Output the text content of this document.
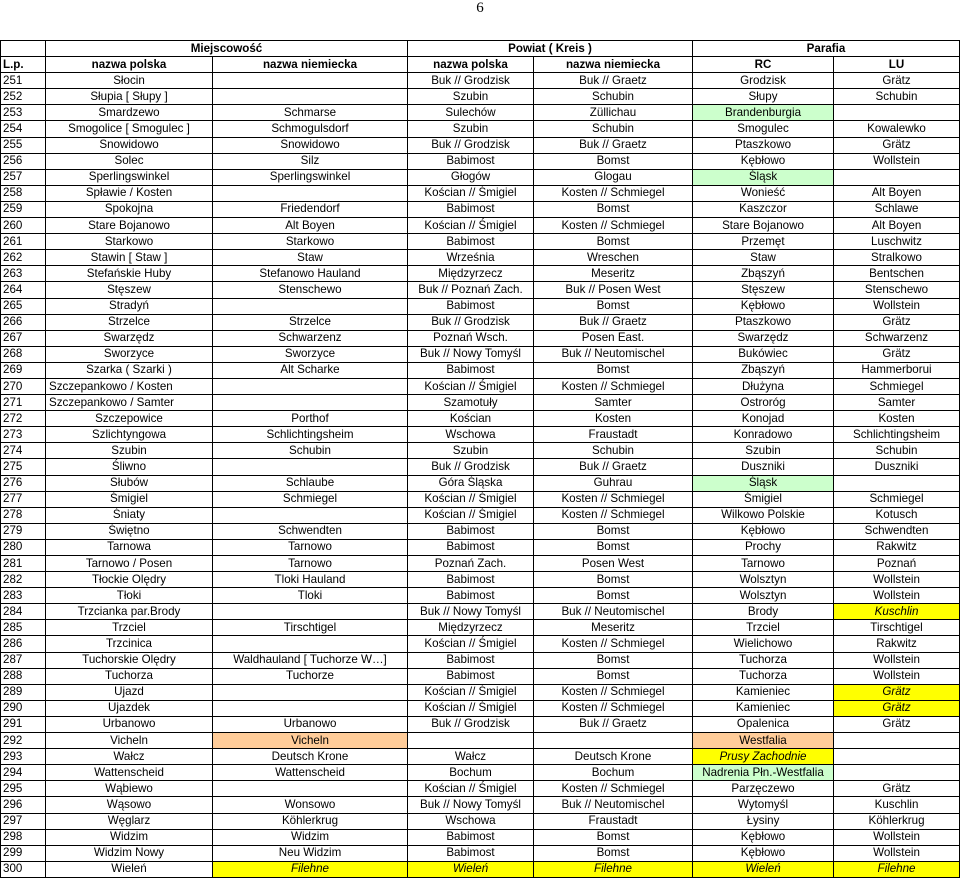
6
	Miejscowość		Powiat ( Kreis )		Parafia	
L.p.	nazwa polska	nazwa niemiecka	nazwa polska	nazwa niemiecka	RC	LU
251	Słocin		Buk // Grodzisk	Buk // Graetz	Grodzisk	Grätz
252	Słupia [ Słupy ]		Szubin	Schubin	Słupy	Schubin
253	Smardzewo	Schmarse	Sulechów	Züllichau	Brandenburgia	
254	Smogolice [ Smogulec ]	Schmogulsdorf	Szubin	Schubin	Smogulec	Kowalewko
255	Snowidowo	Snowidowo	Buk // Grodzisk	Buk // Graetz	Ptaszkowo	Grätz
256	Solec	Silz	Babimost	Bomst	Kębłowo	Wollstein
257	Sperlingswinkel	Sperlingswinkel	Głogów	Glogau	Śląsk	
258	Spławie / Kosten		Kościan // Śmigiel	Kosten // Schmiegel	Wonieść	Alt Boyen
259	Spokojna	Friedendorf	Babimost	Bomst	Kaszczor	Schlawe
260	Stare Bojanowo	Alt Boyen	Kościan // Śmigiel	Kosten // Schmiegel	Stare Bojanowo	Alt Boyen
261	Starkowo	Starkowo	Babimost	Bomst	Przemęt	Luschwitz
262	Stawin [ Staw ]	Staw	Września	Wreschen	Staw	Stralkowo
263	Stefańskie Huby	Stefanowo Hauland	Międzyrzecz	Meseritz	Zbąszyń	Bentschen
264	Stęszew	Stenschewo	Buk // Poznań Zach.	Buk // Posen West	Stęszew	Stenschewo
265	Stradyń		Babimost	Bomst	Kębłowo	Wollstein
266	Strzelce	Strzelce	Buk // Grodzisk	Buk // Graetz	Ptaszkowo	Grätz
267	Swarzędz	Schwarzenz	Poznań Wsch.	Posen East.	Swarzędz	Schwarzenz
268	Sworzyce	Sworzyce	Buk // Nowy Tomyśl	Buk // Neutomischel	Bukówiec	Grätz
269	Szarka ( Szarki )	Alt Scharke	Babimost	Bomst	Zbąszyń	Hammerborui
270	Szczepankowo / Kosten		Kościan // Śmigiel	Kosten // Schmiegel	Dłużyna	Schmiegel
271	Szczepankowo / Samter		Szamotuły	Samter	Ostroróg	Samter
272	Szczepowice	Porthof	Kościan	Kosten	Konojad	Kosten
273	Szlichtyngowa	Schlichtingsheim	Wschowa	Fraustadt	Konradowo	Schlichtingsheim
274	Szubin	Schubin	Szubin	Schubin	Szubin	Schubin
275	Śliwno		Buk // Grodzisk	Buk // Graetz	Duszniki	Duszniki
276	Słubów	Schlaube	Góra Śląska	Guhrau	Śląsk	
277	Śmigiel	Schmiegel	Kościan // Śmigiel	Kosten // Schmiegel	Śmigiel	Schmiegel
278	Śniaty		Kościan // Śmigiel	Kosten // Schmiegel	Wilkowo Polskie	Kotusch
279	Świętno	Schwendten	Babimost	Bomst	Kębłowo	Schwendten
280	Tarnowa	Tarnowo	Babimost	Bomst	Prochy	Rakwitz
281	Tarnowo / Posen	Tarnowo	Poznań Zach.	Posen West	Tarnowo	Poznań
282	Tłockie Olędry	Tloki Hauland	Babimost	Bomst	Wolsztyn	Wollstein
283	Tłoki	Tloki	Babimost	Bomst	Wolsztyn	Wollstein
284	Trzcianka par.Brody		Buk // Nowy Tomyśl	Buk // Neutomischel	Brody	Kuschlin
285	Trzciel	Tirschtigel	Międzyrzecz	Meseritz	Trzciel	Tirschtigel
286	Trzcinica		Kościan // Śmigiel	Kosten // Schmiegel	Wielichowo	Rakwitz
287	Tuchorskie Olędry	Waldhauland [ Tuchorze W…]	Babimost	Bomst	Tuchorza	Wollstein
288	Tuchorza	Tuchorze	Babimost	Bomst	Tuchorza	Wollstein
289	Ujazd		Kościan // Śmigiel	Kosten // Schmiegel	Kamieniec	Grätz
290	Ujazdek		Kościan // Śmigiel	Kosten // Schmiegel	Kamieniec	Grätz
291	Urbanowo	Urbanowo	Buk // Grodzisk	Buk // Graetz	Opalenica	Grätz
292	Vicheln	Vicheln			Westfalia	
293	Wałcz	Deutsch Krone	Wałcz	Deutsch Krone	Prusy Zachodnie	
294	Wattenscheid	Wattenscheid	Bochum	Bochum	Nadrenia Płn.-Westfalia	
295	Wąbiewo		Kościan // Śmigiel	Kosten // Schmiegel	Parzęczewo	Grätz
296	Wąsowo	Wonsowo	Buk // Nowy Tomyśl	Buk // Neutomischel	Wytomyśl	Kuschlin
297	Węglarz	Köhlerkrug	Wschowa	Fraustadt	Łysiny	Köhlerkrug
298	Widzim	Widzim	Babimost	Bomst	Kębłowo	Wollstein
299	Widzim Nowy	Neu Widzim	Babimost	Bomst	Kębłowo	Wollstein
300	Wieleń	Filehne	Wieleń	Filehne	Wieleń	Filehne
